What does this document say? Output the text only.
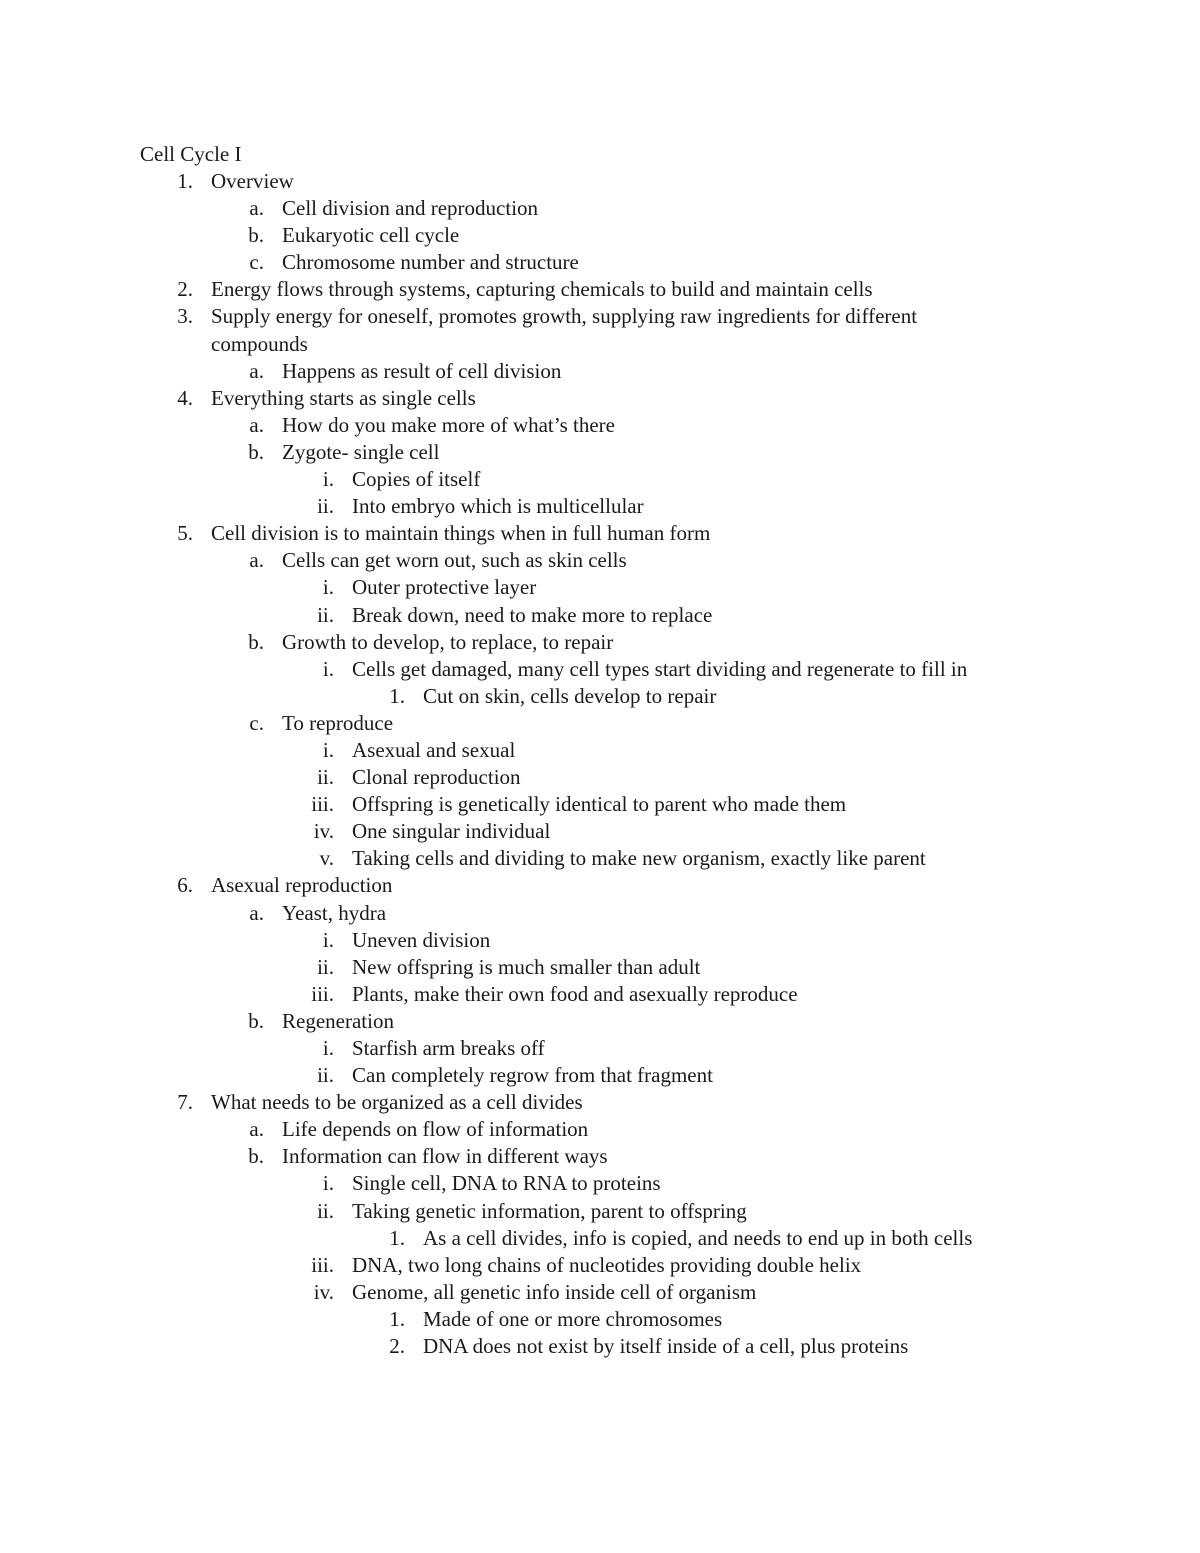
Cell Cycle I
1. Overview
a. Cell division and reproduction
b. Eukaryotic cell cycle
c. Chromosome number and structure
2. Energy flows through systems, capturing chemicals to build and maintain cells
3. Supply energy for oneself, promotes growth, supplying raw ingredients for different
compounds
a. Happens as result of cell division
4. Everything starts as single cells
a. How do you make more of what’s there
b. Zygote- single cell
i. Copies of itself
ii. Into embryo which is multicellular
5. Cell division is to maintain things when in full human form
a. Cells can get worn out, such as skin cells
i. Outer protective layer
ii. Break down, need to make more to replace
b. Growth to develop, to replace, to repair
i. Cells get damaged, many cell types start dividing and regenerate to fill in
1. Cut on skin, cells develop to repair
c. To reproduce
i. Asexual and sexual
ii. Clonal reproduction
iii. Offspring is genetically identical to parent who made them
iv. One singular individual
v. Taking cells and dividing to make new organism, exactly like parent
6. Asexual reproduction
a. Yeast, hydra
i. Uneven division
ii. New offspring is much smaller than adult
iii. Plants, make their own food and asexually reproduce
b. Regeneration
i. Starfish arm breaks off
ii. Can completely regrow from that fragment
7. What needs to be organized as a cell divides
a. Life depends on flow of information
b. Information can flow in different ways
i. Single cell, DNA to RNA to proteins
ii. Taking genetic information, parent to offspring
1. As a cell divides, info is copied, and needs to end up in both cells
iii. DNA, two long chains of nucleotides providing double helix
iv. Genome, all genetic info inside cell of organism
1. Made of one or more chromosomes
2. DNA does not exist by itself inside of a cell, plus proteins
